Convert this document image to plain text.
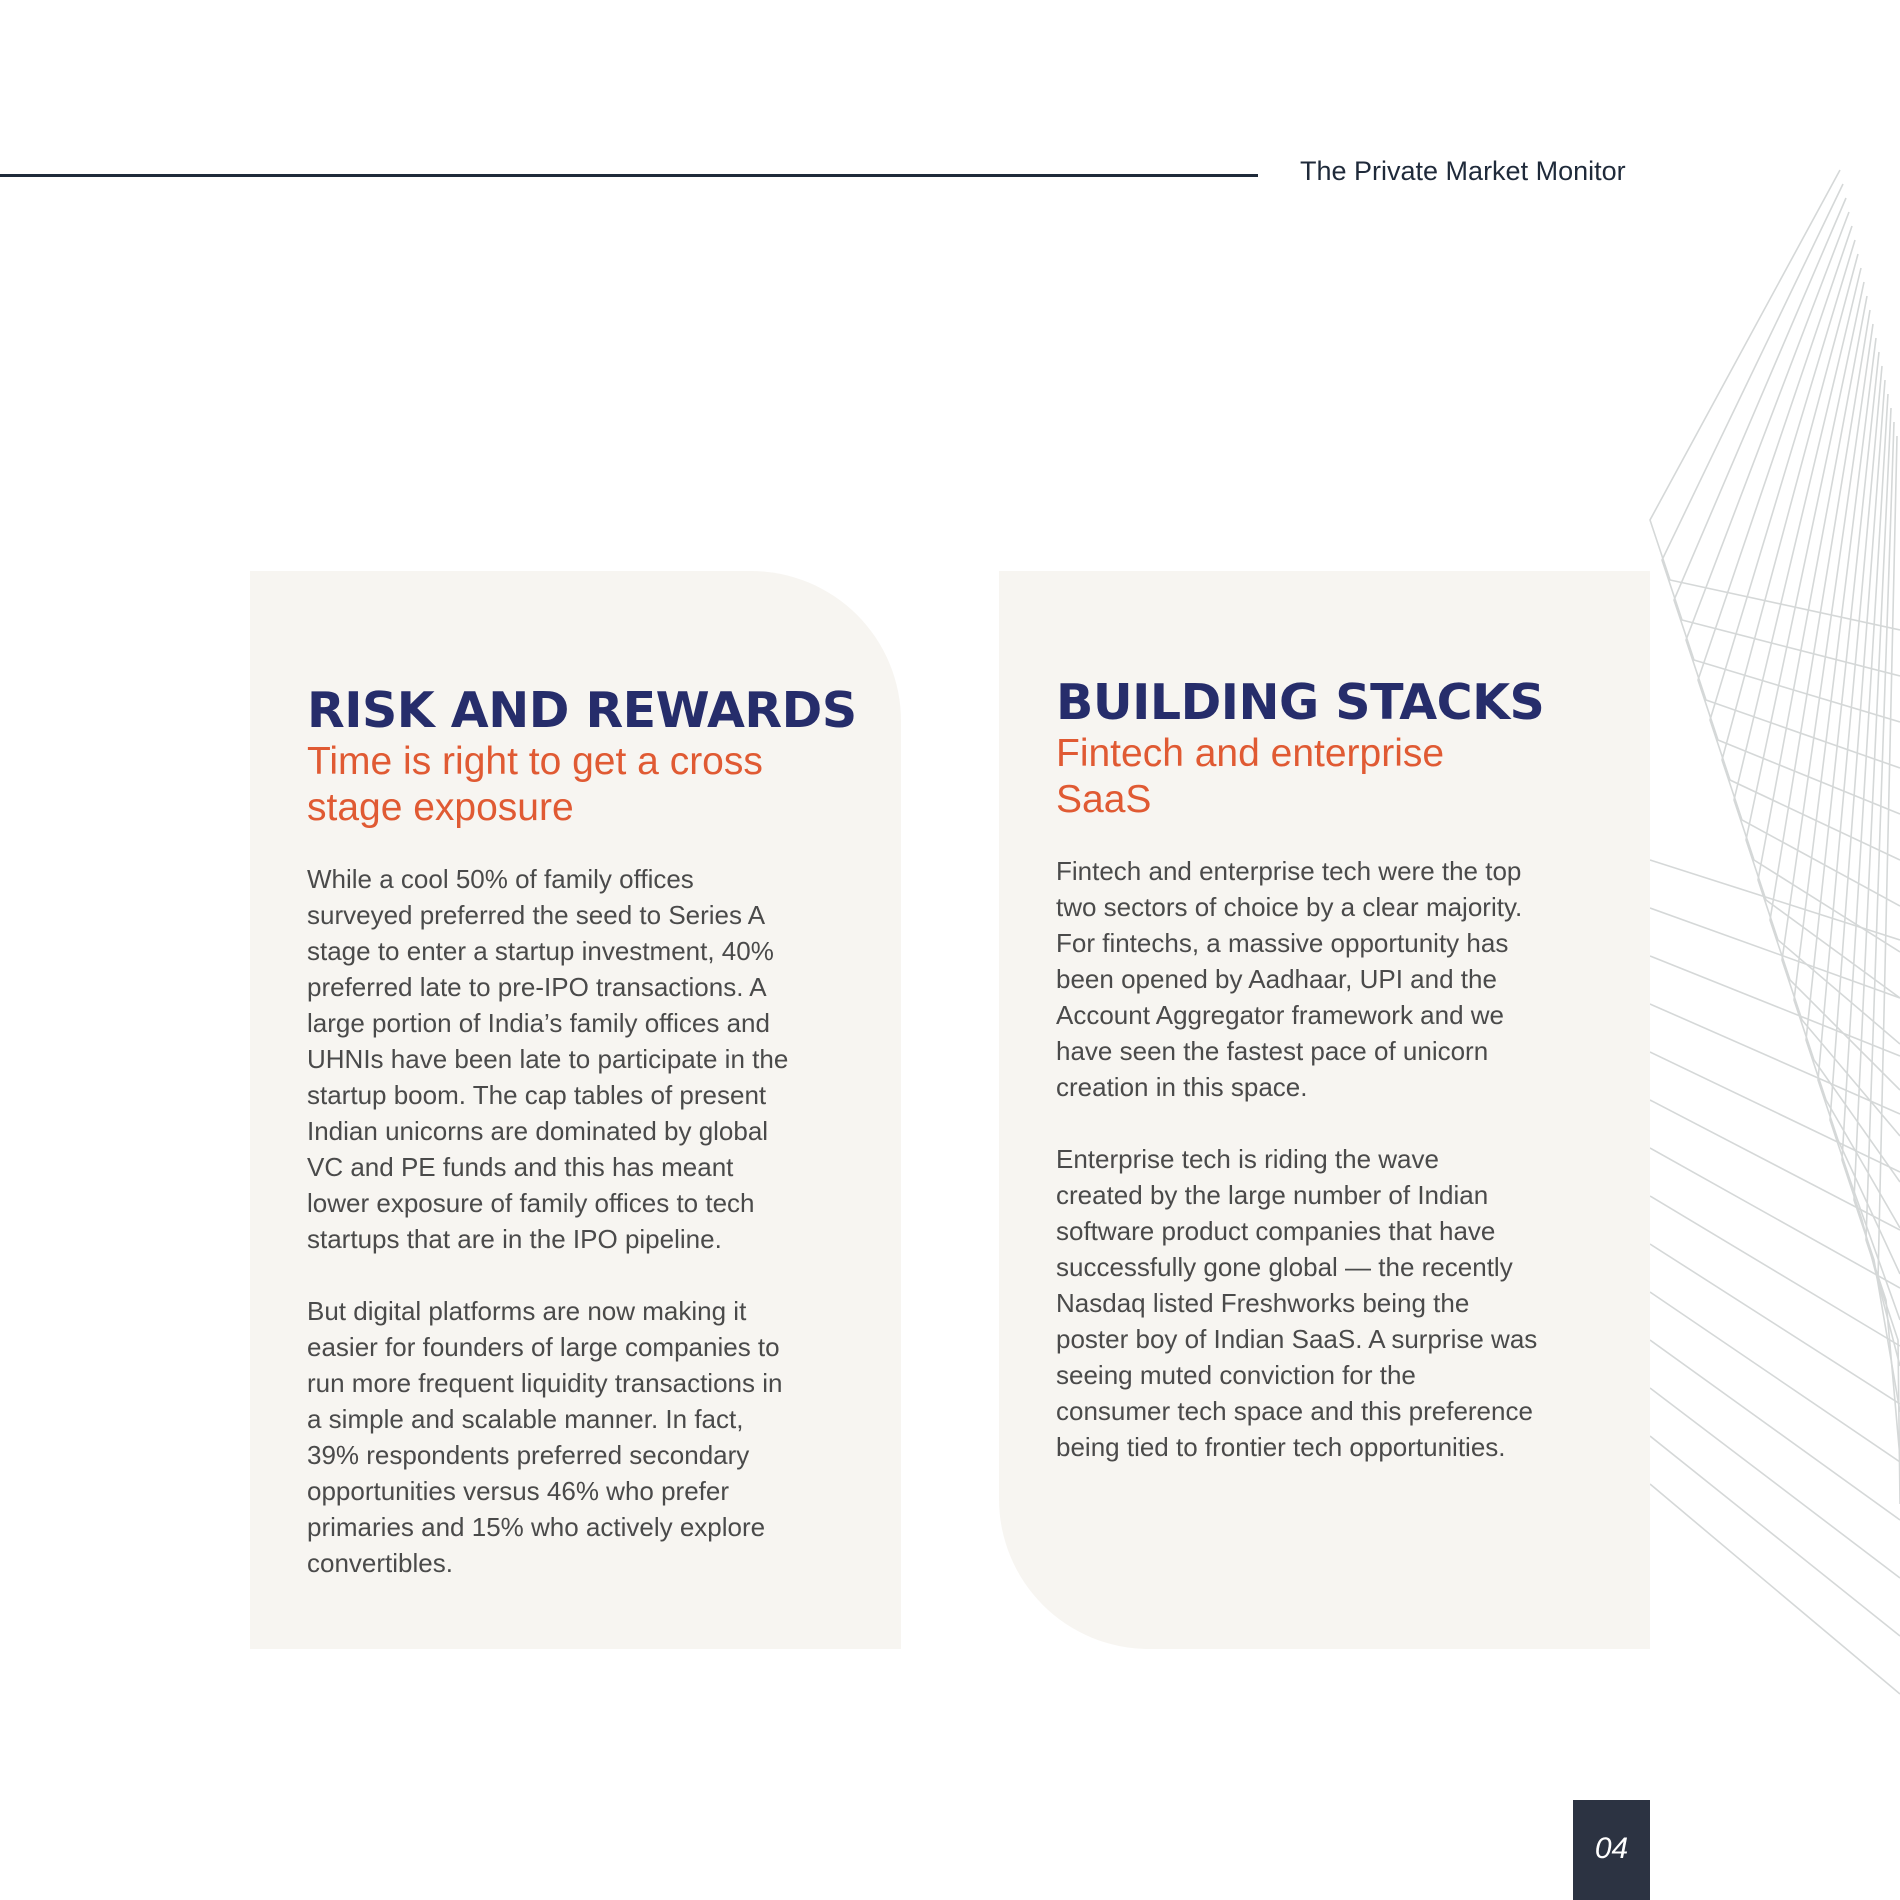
The Private Market Monitor
RISK AND REWARDS
Time is right to get a cross
stage exposure

While a cool 50% of family offices
surveyed preferred the seed to Series A
stage to enter a startup investment, 40%
preferred late to pre-IPO transactions. A
large portion of India’s family offices and
UHNIs have been late to participate in the
startup boom. The cap tables of present
Indian unicorns are dominated by global
VC and PE funds and this has meant
lower exposure of family offices to tech
startups that are in the IPO pipeline.

But digital platforms are now making it
easier for founders of large companies to
run more frequent liquidity transactions in
a simple and scalable manner. In fact,
39% respondents preferred secondary
opportunities versus 46% who prefer
primaries and 15% who actively explore
convertibles.

BUILDING STACKS
Fintech and enterprise
SaaS

Fintech and enterprise tech were the top
two sectors of choice by a clear majority.
For fintechs, a massive opportunity has
been opened by Aadhaar, UPI and the
Account Aggregator framework and we
have seen the fastest pace of unicorn
creation in this space.

Enterprise tech is riding the wave
created by the large number of Indian
software product companies that have
successfully gone global — the recently
Nasdaq listed Freshworks being the
poster boy of Indian SaaS. A surprise was
seeing muted conviction for the
consumer tech space and this preference
being tied to frontier tech opportunities.

04
